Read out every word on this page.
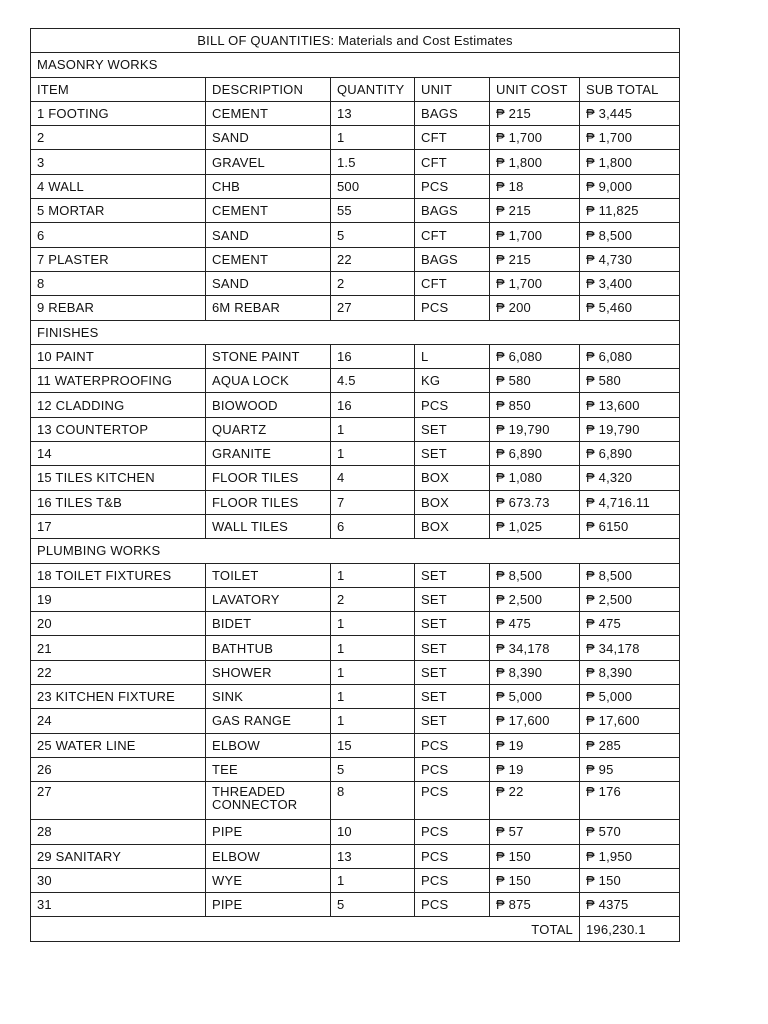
BILL OF QUANTITIES: Materials and Cost Estimates					
MASONRY WORKS					
ITEM	DESCRIPTION	QUANTITY	UNIT	UNIT COST	SUB TOTAL
1 FOOTING	CEMENT	13	BAGS	₱ 215	₱ 3,445
2	SAND	1	CFT	₱ 1,700	₱ 1,700
3	GRAVEL	1.5	CFT	₱ 1,800	₱ 1,800
4 WALL	CHB	500	PCS	₱ 18	₱ 9,000
5 MORTAR	CEMENT	55	BAGS	₱ 215	₱ 11,825
6	SAND	5	CFT	₱ 1,700	₱ 8,500
7 PLASTER	CEMENT	22	BAGS	₱ 215	₱ 4,730
8	SAND	2	CFT	₱ 1,700	₱ 3,400
9 REBAR	6M REBAR	27	PCS	₱ 200	₱ 5,460
FINISHES					
10 PAINT	STONE PAINT	16	L	₱ 6,080	₱ 6,080
11 WATERPROOFING	AQUA LOCK	4.5	KG	₱ 580	₱ 580
12 CLADDING	BIOWOOD	16	PCS	₱ 850	₱ 13,600
13 COUNTERTOP	QUARTZ	1	SET	₱ 19,790	₱ 19,790
14	GRANITE	1	SET	₱ 6,890	₱ 6,890
15 TILES KITCHEN	FLOOR TILES	4	BOX	₱ 1,080	₱ 4,320
16 TILES T&B	FLOOR TILES	7	BOX	₱ 673.73	₱ 4,716.11
17	WALL TILES	6	BOX	₱ 1,025	₱ 6150
PLUMBING WORKS					
18 TOILET FIXTURES	TOILET	1	SET	₱ 8,500	₱ 8,500
19	LAVATORY	2	SET	₱ 2,500	₱ 2,500
20	BIDET	1	SET	₱ 475	₱ 475
21	BATHTUB	1	SET	₱ 34,178	₱ 34,178
22	SHOWER	1	SET	₱ 8,390	₱ 8,390
23 KITCHEN FIXTURE	SINK	1	SET	₱ 5,000	₱ 5,000
24	GAS RANGE	1	SET	₱ 17,600	₱ 17,600
25 WATER LINE	ELBOW	15	PCS	₱ 19	₱ 285
26	TEE	5	PCS	₱ 19	₱ 95
27	THREADED CONNECTOR	8	PCS	₱ 22	₱ 176
28	PIPE	10	PCS	₱ 57	₱ 570
29 SANITARY	ELBOW	13	PCS	₱ 150	₱ 1,950
30	WYE	1	PCS	₱ 150	₱ 150
31	PIPE	5	PCS	₱ 875	₱ 4375
TOTAL					196,230.1
